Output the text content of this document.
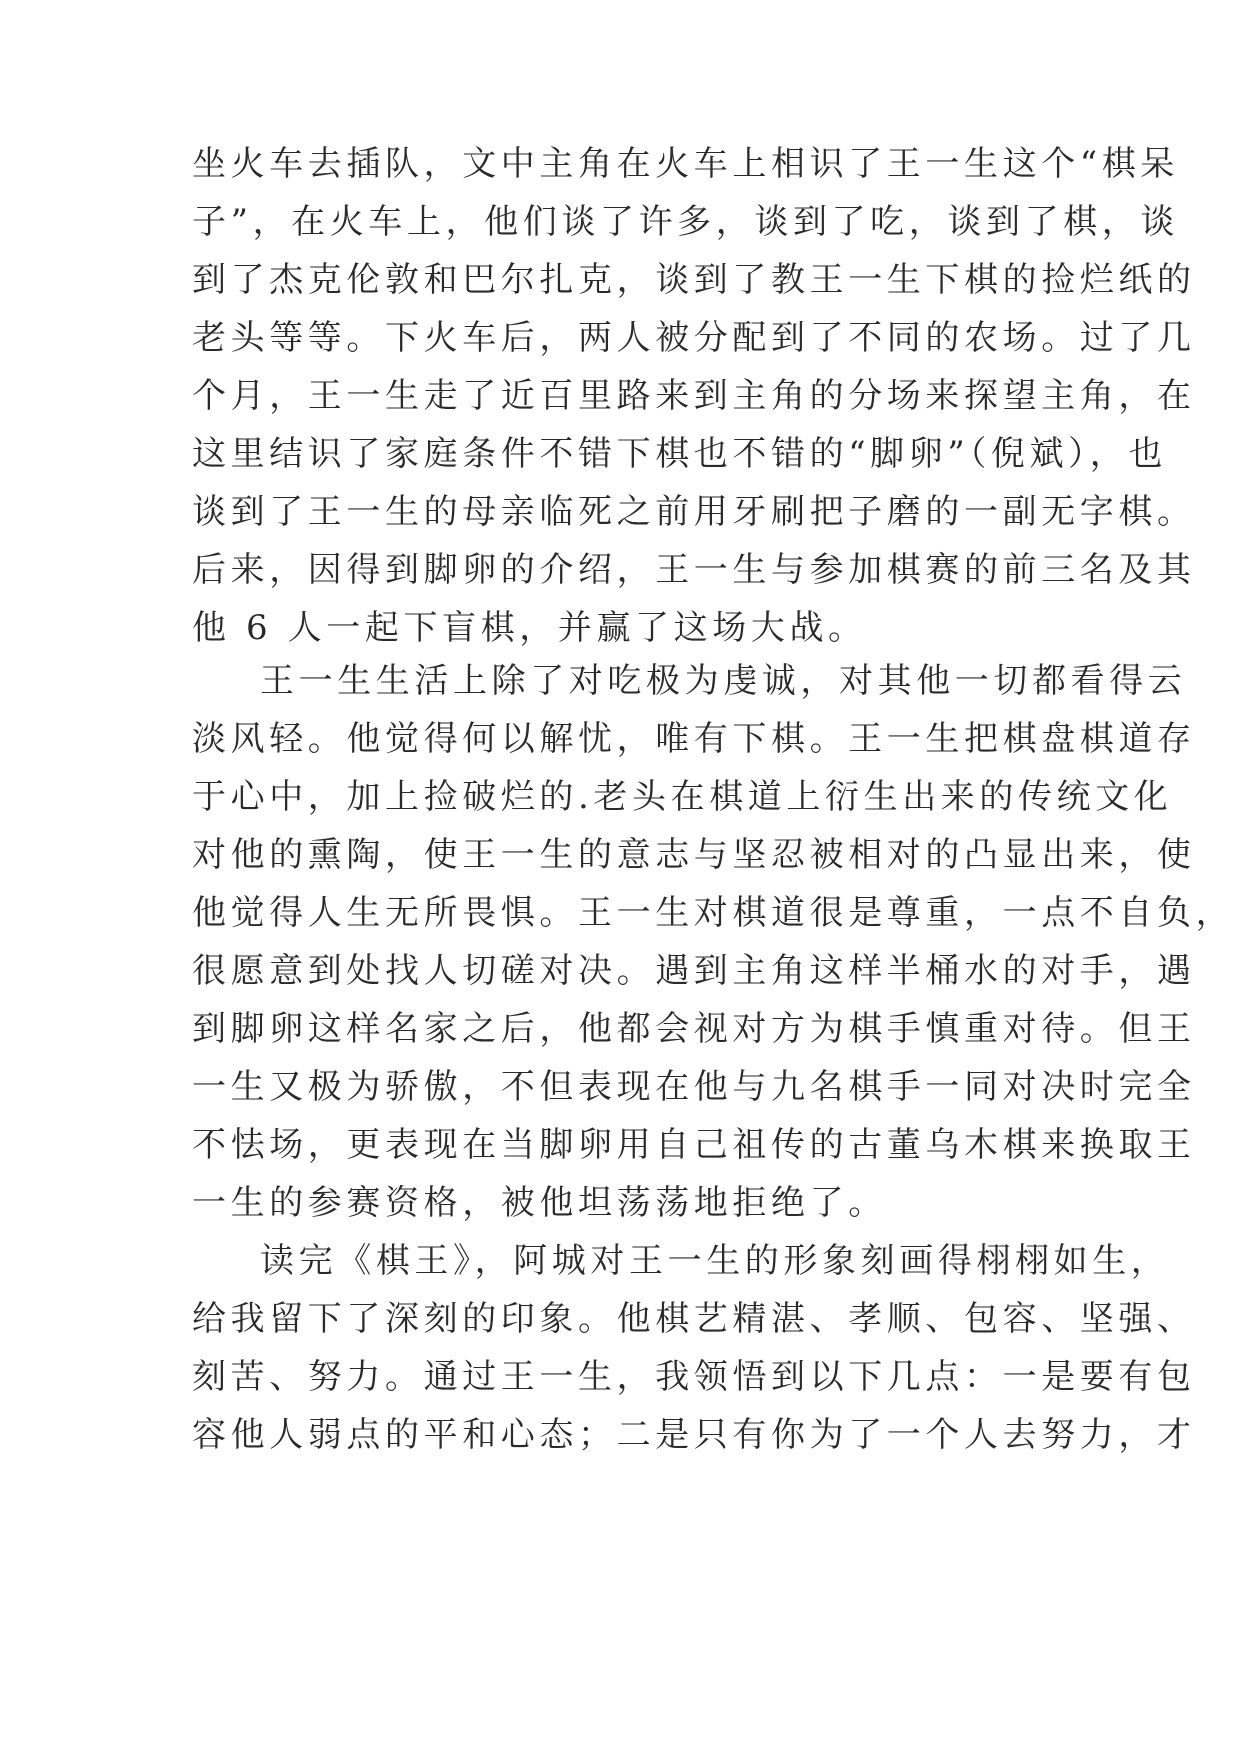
坐火车去插队，文中主角在火车上相识了王一生这个“棋呆
子”，在火车上，他们谈了许多，谈到了吃，谈到了棋，谈
到了杰克伦敦和巴尔扎克，谈到了教王一生下棋的捡烂纸的
老头等等。下火车后，两人被分配到了不同的农场。过了几
个月，王一生走了近百里路来到主角的分场来探望主角，在
这里结识了家庭条件不错下棋也不错的“脚卵”（倪斌），也
谈到了王一生的母亲临死之前用牙刷把子磨的一副无字棋。
后来，因得到脚卵的介绍，王一生与参加棋赛的前三名及其
他 6 人一起下盲棋，并赢了这场大战。
王一生生活上除了对吃极为虔诚，对其他一切都看得云
淡风轻。他觉得何以解忧，唯有下棋。王一生把棋盘棋道存
于心中，加上捡破烂的.老头在棋道上衍生出来的传统文化
对他的熏陶，使王一生的意志与坚忍被相对的凸显出来，使
他觉得人生无所畏惧。王一生对棋道很是尊重，一点不自负，
很愿意到处找人切磋对决。遇到主角这样半桶水的对手，遇
到脚卵这样名家之后，他都会视对方为棋手慎重对待。但王
一生又极为骄傲，不但表现在他与九名棋手一同对决时完全
不怯场，更表现在当脚卵用自己祖传的古董乌木棋来换取王
一生的参赛资格，被他坦荡荡地拒绝了。
读完《棋王》，阿城对王一生的形象刻画得栩栩如生，
给我留下了深刻的印象。他棋艺精湛、孝顺、包容、坚强、
刻苦、努力。通过王一生，我领悟到以下几点：一是要有包
容他人弱点的平和心态；二是只有你为了一个人去努力，才
